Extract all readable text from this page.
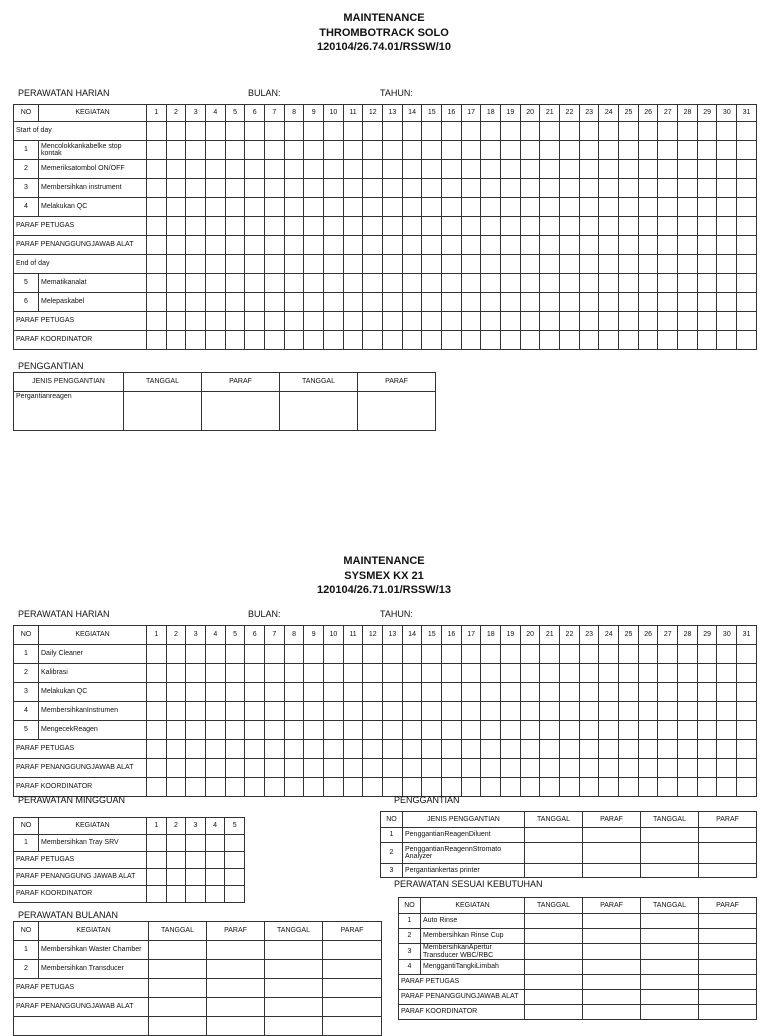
MAINTENANCE
THROMBOTRACK SOLO
120104/26.74.01/RSSW/10
PERAWATAN HARIAN	BULAN:	TAHUN:
NO	KEGIATAN	1	2	3	4	5	6	7	8	9	10	11	12	13	14	15	16	17	18	19	20	21	22	23	24	25	26	27	28	29	30	31
Start of day																																
1	Mencolokkankabelke stop kontak																															
2	Memeriksatombol ON/OFF																															
3	Membersihkan instrument																															
4	Melakukan QC																															
PARAF PETUGAS																																
PARAF PENANGGUNGJAWAB ALAT																																
End of day																																
5	Mematikanalat																															
6	Melepaskabel																															
PARAF PETUGAS																																
PARAF KOORDINATOR																																
PENGGANTIAN
JENIS PENGGANTIAN	TANGGAL	PARAF	TANGGAL	PARAF
Pergantianreagen				
MAINTENANCE
SYSMEX KX 21
120104/26.71.01/RSSW/13
PERAWATAN HARIAN	BULAN:	TAHUN:
NO	KEGIATAN	1	2	3	4	5	6	7	8	9	10	11	12	13	14	15	16	17	18	19	20	21	22	23	24	25	26	27	28	29	30	31
1	Daily Cleaner																															
2	Kalibrasi																															
3	Melakukan QC																															
4	MembersihkanInstrumen																															
5	MengecekReagen																															
PARAF PETUGAS																																
PARAF PENANGGUNGJAWAB ALAT																																
PARAF KOORDINATOR																																
PERAWATAN MINGGUAN
NO	KEGIATAN	1	2	3	4	5
1	Membersihkan Tray SRV					
PARAF PETUGAS						
PARAF PENANGGUNG JAWAB ALAT						
PARAF KOORDINATOR						
PERAWATAN BULANAN
NO	KEGIATAN	TANGGAL	PARAF	TANGGAL	PARAF
1	Membersihkan Waster Chamber				
2	Membersihkan Transducer				
PARAF PETUGAS					
PARAF PENANGGUNGJAWAB ALAT					

PENGGANTIAN
NO	JENIS PENGGANTIAN	TANGGAL	PARAF	TANGGAL	PARAF
1	PenggantianReagenDiluent				
2	PenggantianReagennStromato Analyzer				
3	Pergantiankertas printer				
PERAWATAN SESUAI KEBUTUHAN
NO	KEGIATAN	TANGGAL	PARAF	TANGGAL	PARAF
1	Auto Rinse				
2	Membersihkan Rinse Cup				
3	MembersihkanApertur Transducer WBC/RBC				
4	MenggantiTangkiLimbah				
PARAF PETUGAS					
PARAF PENANGGUNGJAWAB ALAT					
PARAF KOORDINATOR					
